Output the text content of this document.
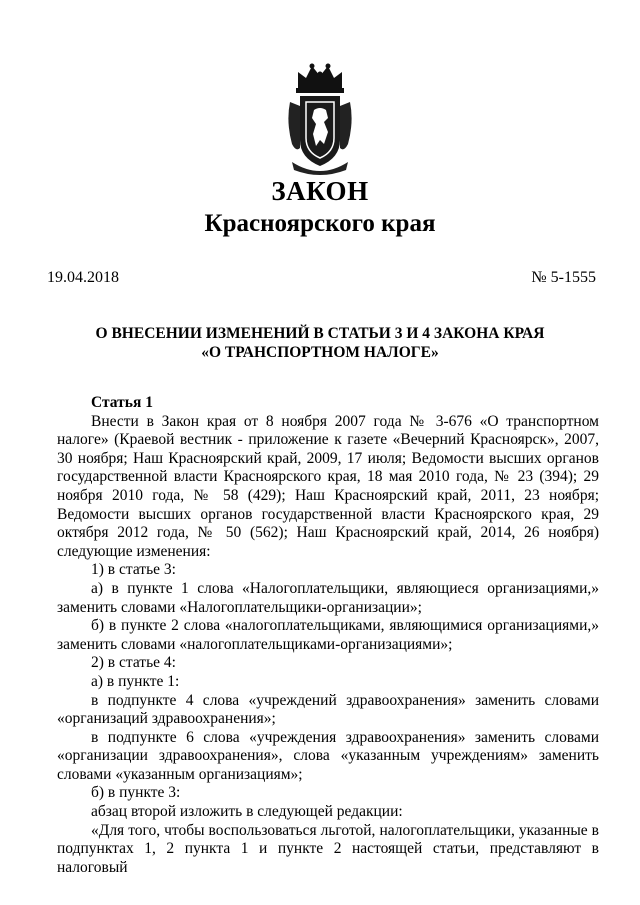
ЗАКОН
Красноярского края
19.04.2018	№ 5-1555
О ВНЕСЕНИИ ИЗМЕНЕНИЙ В СТАТЬИ 3 И 4 ЗАКОНА КРАЯ
«О ТРАНСПОРТНОМ НАЛОГЕ»

Статья 1

Внести в Закон края от 8 ноября 2007 года № 3-676 «О транспортном налоге» (Краевой вестник - приложение к газете «Вечерний Красноярск», 2007, 30 ноября; Наш Красноярский край, 2009, 17 июля; Ведомости высших органов государственной власти Красноярского края, 18 мая 2010 года, № 23 (394); 29 ноября 2010 года, № 58 (429); Наш Красноярский край, 2011, 23 ноября; Ведомости высших органов государственной власти Красноярского края, 29 октября 2012 года, № 50 (562); Наш Красноярский край, 2014, 26 ноября) следующие изменения:

1) в статье 3:

а) в пункте 1 слова «Налогоплательщики, являющиеся организациями,» заменить словами «Налогоплательщики-организации»;

б) в пункте 2 слова «налогоплательщиками, являющимися организациями,» заменить словами «налогоплательщиками-организациями»;

2) в статье 4:

а) в пункте 1:

в подпункте 4 слова «учреждений здравоохранения» заменить словами «организаций здравоохранения»;

в подпункте 6 слова «учреждения здравоохранения» заменить словами «организации здравоохранения», слова «указанным учреждениям» заменить словами «указанным организациям»;

б) в пункте 3:

абзац второй изложить в следующей редакции:

«Для того, чтобы воспользоваться льготой, налогоплательщики, указанные в подпунктах 1, 2 пункта 1 и пункте 2 настоящей статьи, представляют в налоговый
